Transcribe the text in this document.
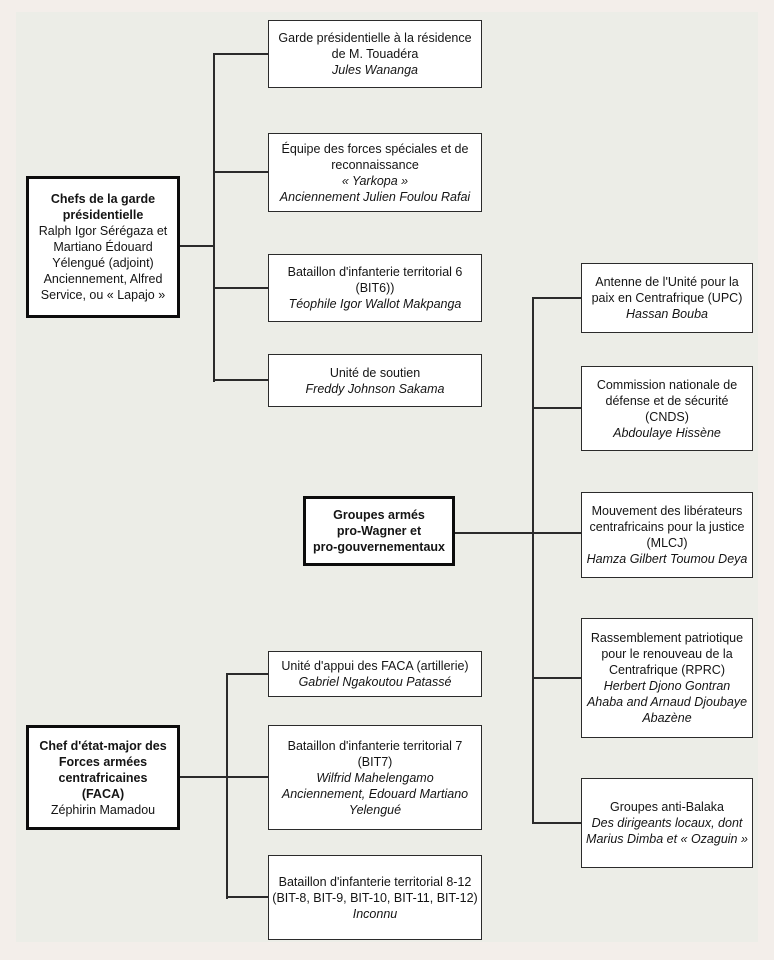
Chefs de la garde présidentielle
Ralph Igor Sérégaza et Martiano Édouard Yélengué (adjoint)
Anciennement, Alfred Service, ou « Lapajo »
Garde présidentielle à la résidence de M. Touadéra
Jules Wananga
Équipe des forces spéciales et de reconnaissance
« Yarkopa »
Anciennement Julien Foulou Rafai
Bataillon d'infanterie territorial 6
(BIT6))
Téophile Igor Wallot Makpanga
Unité de soutien
Freddy Johnson Sakama
Groupes armés
pro-Wagner et
pro-gouvernementaux
Antenne de l'Unité pour la paix en Centrafrique (UPC)
Hassan Bouba
Commission nationale de défense et de sécurité
(CNDS)
Abdoulaye Hissène
Mouvement des libérateurs centrafricains pour la justice
(MLCJ)
Hamza Gilbert Toumou Deya
Rassemblement patriotique pour le renouveau de la Centrafrique (RPRC)
Herbert Djono Gontran Ahaba and Arnaud Djoubaye Abazène
Groupes anti-Balaka
Des dirigeants locaux, dont Marius Dimba et « Ozaguin »
Chef d'état-major des Forces armées centrafricaines
(FACA)
Zéphirin Mamadou
Unité d'appui des FACA (artillerie)
Gabriel Ngakoutou Patassé
Bataillon d'infanterie territorial 7
(BIT7)
Wilfrid Mahelengamo
Anciennement, Edouard Martiano Yelengué
Bataillon d'infanterie territorial 8-12
(BIT-8, BIT-9, BIT-10, BIT-11, BIT-12)
Inconnu
